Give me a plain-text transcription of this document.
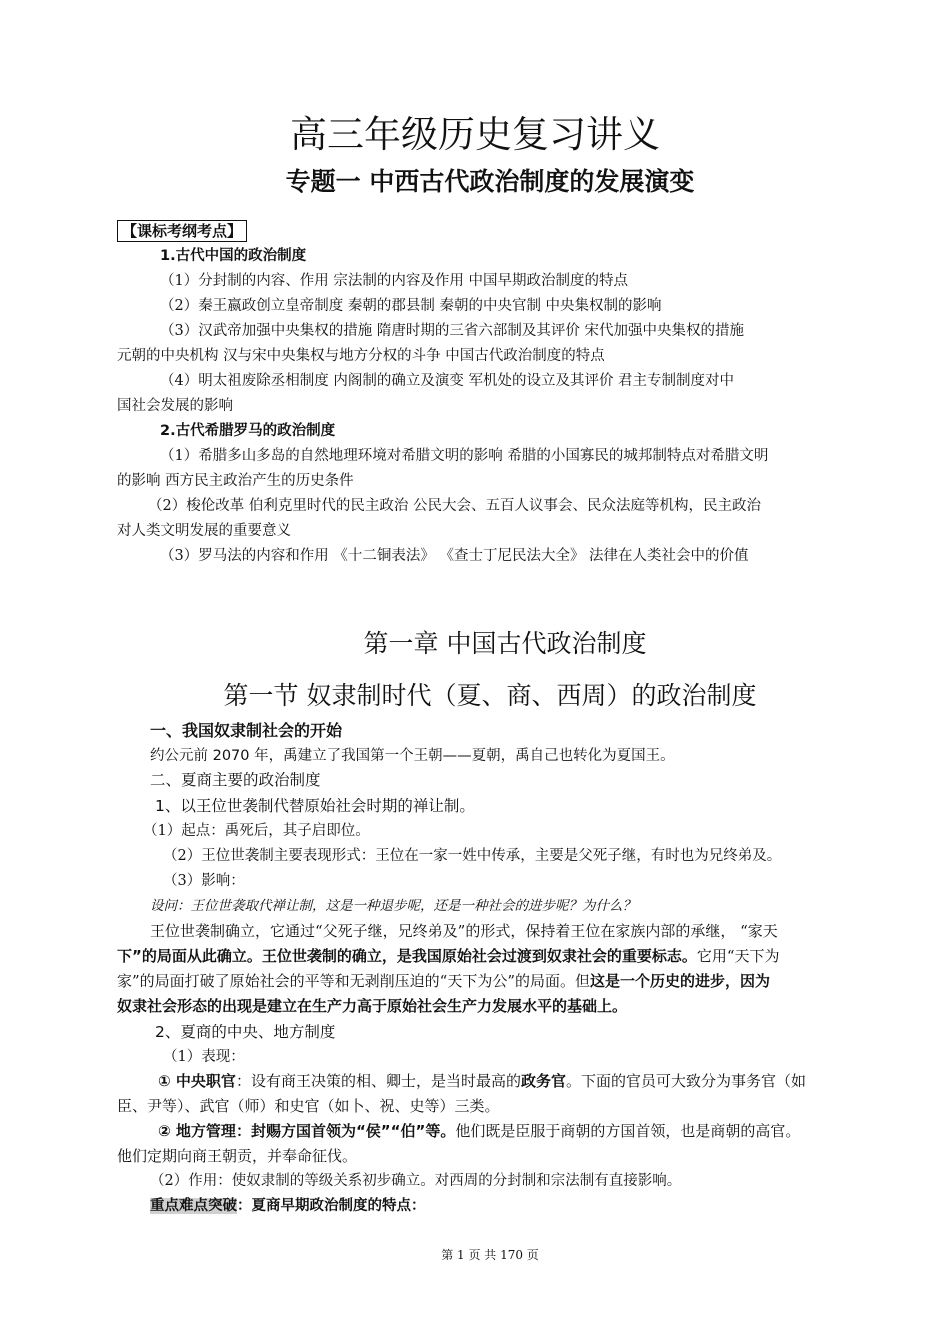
高三年级历史复习讲义
专题一 中西古代政治制度的发展演变
【课标考纲考点】
1.古代中国的政治制度
（1）分封制的内容、作用 宗法制的内容及作用 中国早期政治制度的特点
（2）秦王嬴政创立皇帝制度 秦朝的郡县制 秦朝的中央官制 中央集权制的影响
（3）汉武帝加强中央集权的措施 隋唐时期的三省六部制及其评价 宋代加强中央集权的措施
元朝的中央机构 汉与宋中央集权与地方分权的斗争 中国古代政治制度的特点
（4）明太祖废除丞相制度 内阁制的确立及演变 军机处的设立及其评价 君主专制制度对中
国社会发展的影响
2.古代希腊罗马的政治制度
（1）希腊多山多岛的自然地理环境对希腊文明的影响 希腊的小国寡民的城邦制特点对希腊文明
的影响 西方民主政治产生的历史条件
（2）梭伦改革 伯利克里时代的民主政治 公民大会、五百人议事会、民众法庭等机构，民主政治
对人类文明发展的重要意义
（3）罗马法的内容和作用 《十二铜表法》 《查士丁尼民法大全》 法律在人类社会中的价值
第一章 中国古代政治制度
第一节 奴隶制时代（夏、商、西周）的政治制度
一、我国奴隶制社会的开始
约公元前 2070 年，禹建立了我国第一个王朝——夏朝，禹自己也转化为夏国王。
二、夏商主要的政治制度
1、以王位世袭制代替原始社会时期的禅让制。
（1）起点：禹死后，其子启即位。
（2）王位世袭制主要表现形式：王位在一家一姓中传承，主要是父死子继，有时也为兄终弟及。
（3）影响：
设问：王位世袭取代禅让制，这是一种退步呢，还是一种社会的进步呢？为什么？
王位世袭制确立，它通过“父死子继，兄终弟及”的形式，保持着王位在家族内部的承继， “家天
下”的局面从此确立。王位世袭制的确立，是我国原始社会过渡到奴隶社会的重要标志。它用“天下为
家”的局面打破了原始社会的平等和无剥削压迫的“天下为公”的局面。但这是一个历史的进步，因为
奴隶社会形态的出现是建立在生产力高于原始社会生产力发展水平的基础上。
2、夏商的中央、地方制度
（1）表现：
① 中央职官：设有商王决策的相、卿士，是当时最高的政务官。下面的官员可大致分为事务官（如
臣、尹等）、武官（师）和史官（如卜、祝、史等）三类。
② 地方管理：封赐方国首领为“侯”“伯”等。他们既是臣服于商朝的方国首领，也是商朝的高官。
他们定期向商王朝贡，并奉命征伐。
（2）作用：使奴隶制的等级关系初步确立。对西周的分封制和宗法制有直接影响。
重点难点突破：夏商早期政治制度的特点：
第 1 页 共 170 页
